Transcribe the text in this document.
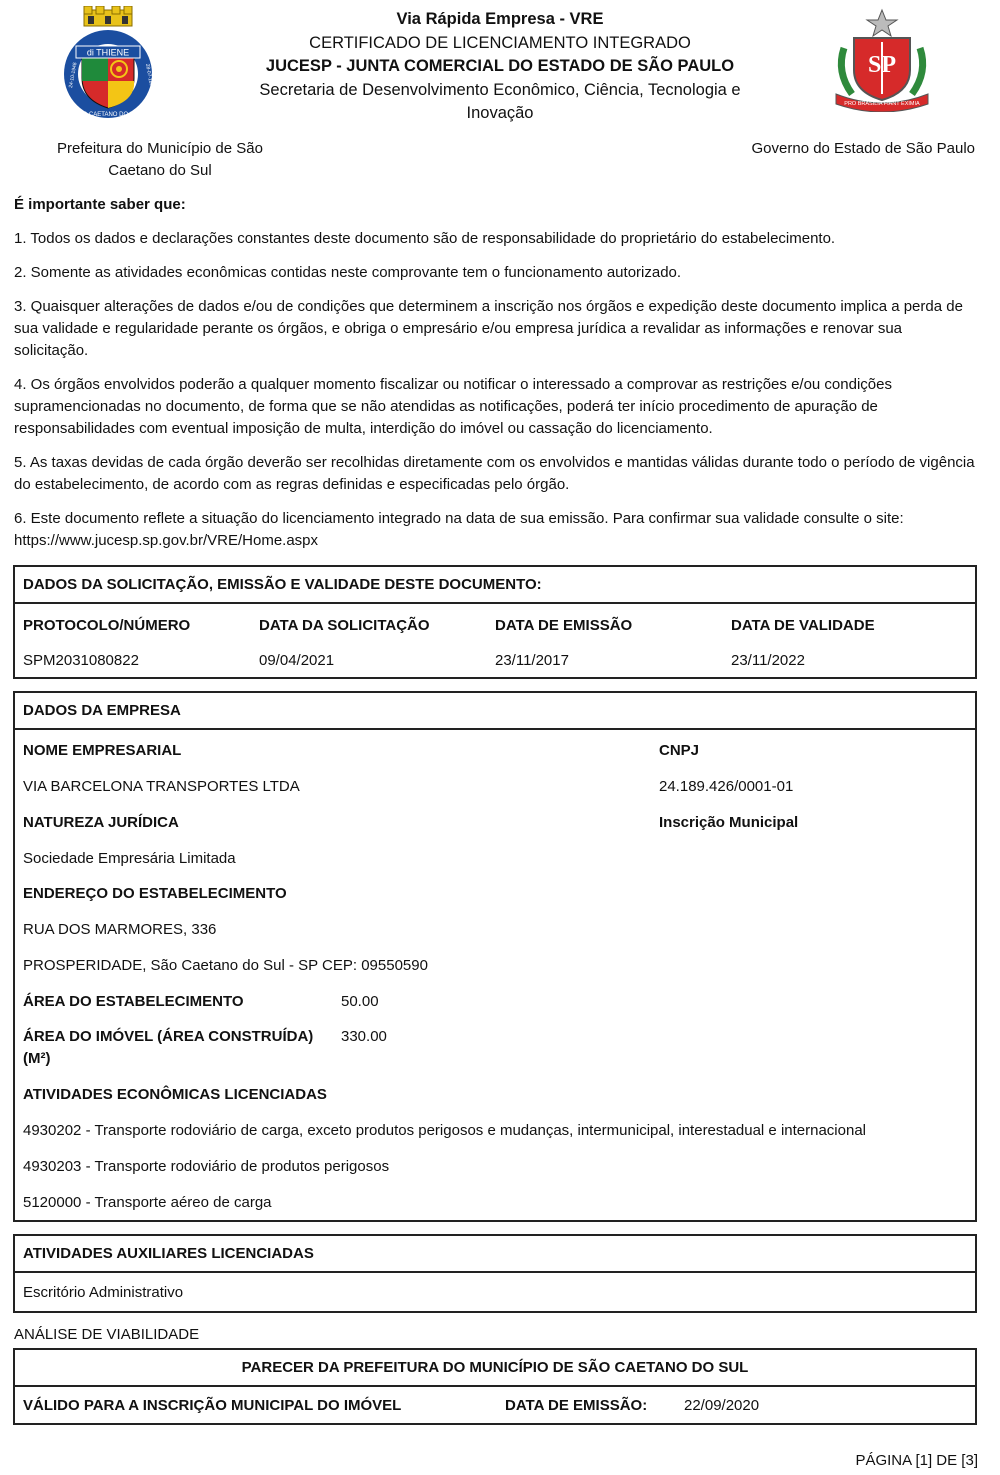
di THIENE
SÃO CAETANO DO SUL
24-10-1948	28-07-1877
Via Rápida Empresa - VRE
CERTIFICADO DE LICENCIAMENTO INTEGRADO
JUCESP - JUNTA COMERCIAL DO ESTADO DE SÃO PAULO
Secretaria de Desenvolvimento Econômico, Ciência, Tecnologia e
Inovação
SP
PRO BRASILIA FIANT EXIMIA
Prefeitura do Município de São
Caetano do Sul
Governo do Estado de São Paulo

É importante saber que:

1. Todos os dados e declarações constantes deste documento são de responsabilidade do proprietário do estabelecimento.

2. Somente as atividades econômicas contidas neste comprovante tem o funcionamento autorizado.

3. Quaisquer alterações de dados e/ou de condições que determinem a inscrição nos órgãos e expedição deste documento implica a perda de sua validade e regularidade perante os órgãos, e obriga o empresário e/ou empresa jurídica a revalidar as informações e renovar sua solicitação.

4. Os órgãos envolvidos poderão a qualquer momento fiscalizar ou notificar o interessado a comprovar as restrições e/ou condições supramencionadas no documento, de forma que se não atendidas as notificações, poderá ter início procedimento de apuração de responsabilidades com eventual imposição de multa, interdição do imóvel ou cassação do licenciamento.

5. As taxas devidas de cada órgão deverão ser recolhidas diretamente com os envolvidos e mantidas válidas durante todo o período de vigência do estabelecimento, de acordo com as regras definidas e especificadas pelo órgão.

6. Este documento reflete a situação do licenciamento integrado na data de sua emissão. Para confirmar sua validade consulte o site: https://www.jucesp.sp.gov.br/VRE/Home.aspx

DADOS DA SOLICITAÇÃO, EMISSÃO E VALIDADE DESTE DOCUMENTO:
PROTOCOLO/NÚMERO	DATA DA SOLICITAÇÃO	DATA DE EMISSÃO	DATA DE VALIDADE
SPM2031080822	09/04/2021	23/11/2017	23/11/2022
DADOS DA EMPRESA
NOME EMPRESARIAL	CNPJ
VIA BARCELONA TRANSPORTES LTDA	24.189.426/0001-01
NATUREZA JURÍDICA	Inscrição Municipal
Sociedade Empresária Limitada
ENDEREÇO DO ESTABELECIMENTO
RUA DOS MARMORES, 336
PROSPERIDADE, São Caetano do Sul - SP CEP: 09550590
ÁREA DO ESTABELECIMENTO	50.00
ÁREA DO IMÓVEL (ÁREA CONSTRUÍDA)
(M²)
330.00
ATIVIDADES ECONÔMICAS LICENCIADAS
4930202 - Transporte rodoviário de carga, exceto produtos perigosos e mudanças, intermunicipal, interestadual e internacional
4930203 - Transporte rodoviário de produtos perigosos
5120000 - Transporte aéreo de carga
ATIVIDADES AUXILIARES LICENCIADAS
Escritório Administrativo
ANÁLISE DE VIABILIDADE
PARECER DA PREFEITURA DO MUNICÍPIO DE SÃO CAETANO DO SUL
VÁLIDO PARA A INSCRIÇÃO MUNICIPAL DO IMÓVEL	DATA DE EMISSÃO: 22/09/2020
PÁGINA [1] DE [3]
